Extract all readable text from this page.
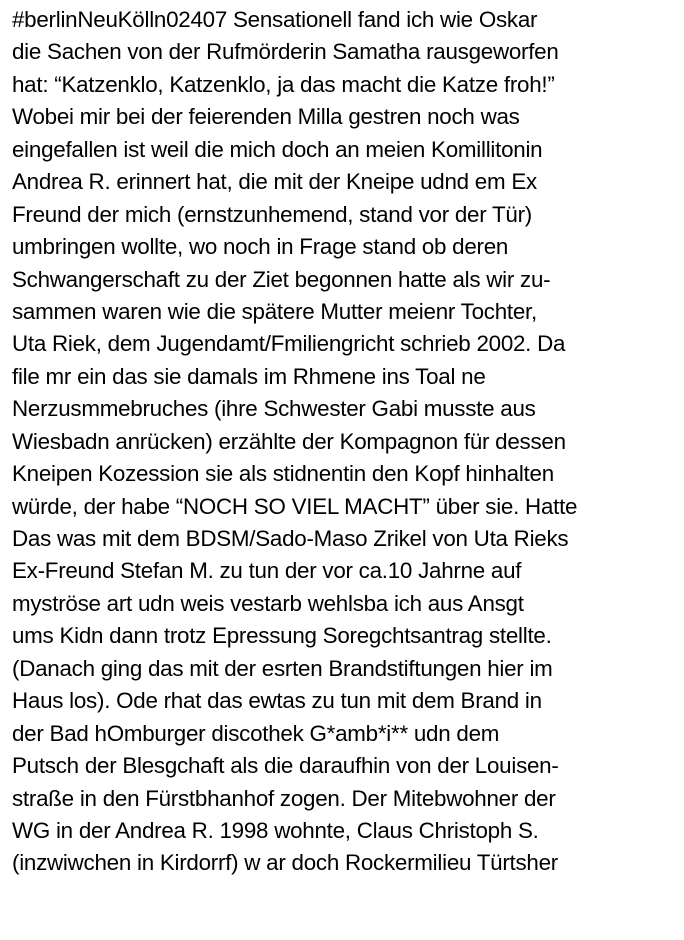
#berlinNeuKölln02407 Sensationell fand ich wie Oskar
die Sachen von der Rufmörderin Samatha rausgeworfen
hat: “Katzenklo, Katzenklo, ja das macht die Katze froh!”
Wobei mir bei der feierenden Milla gestren noch was
eingefallen ist weil die mich doch an meien Komillitonin
Andrea R. erinnert hat, die mit der Kneipe udnd em Ex
Freund der mich (ernstzunhemend, stand vor der Tür)
umbringen wollte, wo noch in Frage stand ob deren
Schwangerschaft zu der Ziet begonnen hatte als wir zu-
sammen waren wie die spätere Mutter meienr Tochter,
Uta Riek, dem Jugendamt/Fmiliengricht schrieb 2002. Da
file mr ein das sie damals im Rhmene ins Toal ne
Nerzusmmebruches (ihre Schwester Gabi musste aus
Wiesbadn anrücken) erzählte der Kompagnon für dessen
Kneipen Kozession sie als stidnentin den Kopf hinhalten
würde, der habe “NOCH SO VIEL MACHT” über sie. Hatte
Das was mit dem BDSM/Sado-Maso Zrikel von Uta Rieks
Ex-Freund Stefan M. zu tun der vor ca.10 Jahrne auf
myströse art udn weis vestarb wehlsba ich aus Ansgt
ums Kidn dann trotz Epressung Soregchtsantrag stellte.
(Danach ging das mit der esrten Brandstiftungen hier im
Haus los). Ode rhat das ewtas zu tun mit dem Brand in
der Bad hOmburger discothek G*amb*i** udn dem
Putsch der Blesgchaft als die daraufhin von der Louisen-
straße in den Fürstbhanhof zogen. Der Mitebwohner der
WG in der Andrea R. 1998 wohnte, Claus Christoph S.
(inzwiwchen in Kirdorrf) w ar doch Rockermilieu Türtsher
